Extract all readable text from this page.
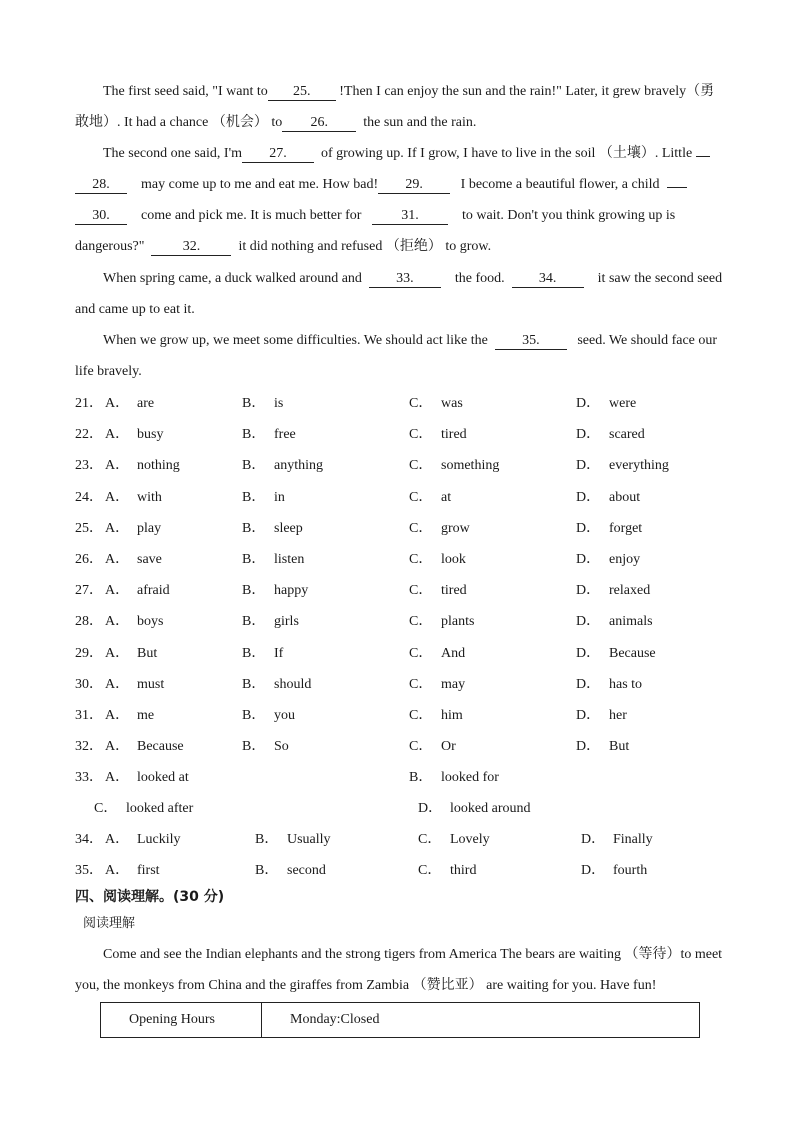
The first seed said, "I want to 25. !Then I can enjoy the sun and the rain!" Later, it grew bravely（勇
敢地）. It had a chance （机会） to 26.	the sun and the rain.
The second one said, I'm 27. of growing up. If I grow, I have to live in the soil （土壤）. Little
28. may come up to me and eat me. How bad! 29.	I become a beautiful flower, a child
30. come and pick me. It is much better for	31.	to wait. Don't you think growing up is
dangerous?"	32.	it did nothing and refused （拒绝） to grow.
When spring came, a duck walked around and 33.	the food. 34.	it saw the second seed
and came up to eat it.
When we grow up, we meet some difficulties. We should act like the 35.	seed. We should face our
life bravely.
21． A． are	B． is	C． was	D． were
22． A． busy	B． free	C． tired	D． scared
23． A． nothing	B． anything	C． something	D． everything
24． A． with	B． in	C． at	D． about
25． A． play	B． sleep	C． grow	D． forget
26． A． save	B． listen	C． look	D． enjoy
27． A． afraid	B． happy	C． tired	D． relaxed
28． A． boys	B． girls	C． plants	D． animals
29． A． But	B． If	C． And	D． Because
30． A． must	B． should	C． may	D． has to
31． A． me	B． you	C． him	D． her
32． A． Because	B． So	C． Or	D． But
33． A． looked at	B． looked for
C． looked after	D． looked around
34． A． Luckily	B． Usually	C． Lovely	D． Finally
35． A． first	B． second	C． third	D． fourth
四、阅读理解。(30 分)
阅读理解
Come and see the Indian elephants and the strong tigers from America The bears are waiting （等待）to meet
you, the monkeys from China and the giraffes from Zambia （赞比亚） are waiting for you. Have fun!
Opening Hours	Monday:Closed
